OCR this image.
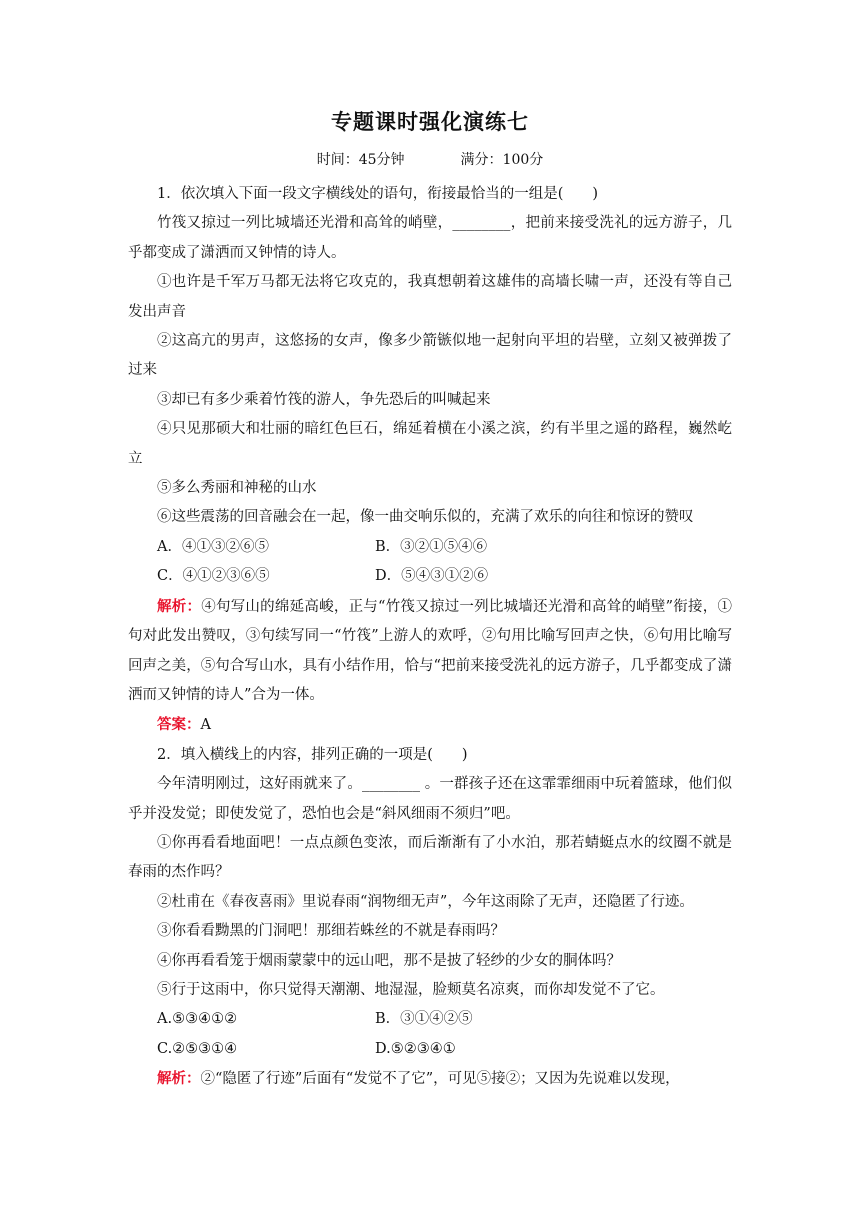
专题课时强化演练七
时间：45分钟	满分：100分

1．依次填入下面一段文字横线处的语句，衔接最恰当的一组是(　　)

竹筏又掠过一列比城墙还光滑和高耸的峭壁，________，把前来接受洗礼的远方游子，几乎都变成了潇洒而又钟情的诗人。

①也许是千军万马都无法将它攻克的，我真想朝着这雄伟的高墙长啸一声，还没有等自己发出声音

②这高亢的男声，这悠扬的女声，像多少箭镞似地一起射向平坦的岩壁，立刻又被弹拨了过来

③却已有多少乘着竹筏的游人，争先恐后的叫喊起来

④只见那硕大和壮丽的暗红色巨石，绵延着横在小溪之滨，约有半里之遥的路程，巍然屹立

⑤多么秀丽和神秘的山水

⑥这些震荡的回音融会在一起，像一曲交响乐似的，充满了欢乐的向往和惊讶的赞叹

A．④①③②⑥⑤	B．③②①⑤④⑥
C．④①②③⑥⑤	D．⑤④③①②⑥

解析：④句写山的绵延高峻，正与“竹筏又掠过一列比城墙还光滑和高耸的峭壁”衔接，①句对此发出赞叹，③句续写同一“竹筏”上游人的欢呼，②句用比喻写回声之快，⑥句用比喻写回声之美，⑤句合写山水，具有小结作用，恰与“把前来接受洗礼的远方游子，几乎都变成了潇洒而又钟情的诗人”合为一体。

答案：A

2．填入横线上的内容，排列正确的一项是(　　)

今年清明刚过，这好雨就来了。________ 。一群孩子还在这霏霏细雨中玩着篮球，他们似乎并没发觉；即使发觉了，恐怕也会是“斜风细雨不须归”吧。

①你再看看地面吧！一点点颜色变浓，而后渐渐有了小水泊，那若蜻蜓点水的纹圈不就是春雨的杰作吗？

②杜甫在《春夜喜雨》里说春雨“润物细无声”，今年这雨除了无声，还隐匿了行迹。

③你看看黝黑的门洞吧！那细若蛛丝的不就是春雨吗？

④你再看看笼于烟雨蒙蒙中的远山吧，那不是披了轻纱的少女的胴体吗？

⑤行于这雨中，你只觉得天潮潮、地湿湿，脸颊莫名凉爽，而你却发觉不了它。

A.⑤③④①②	B．③①④②⑤
C.②⑤③①④	D.⑤②③④①

解析：②“隐匿了行迹”后面有“发觉不了它”，可见⑤接②；又因为先说难以发现，
